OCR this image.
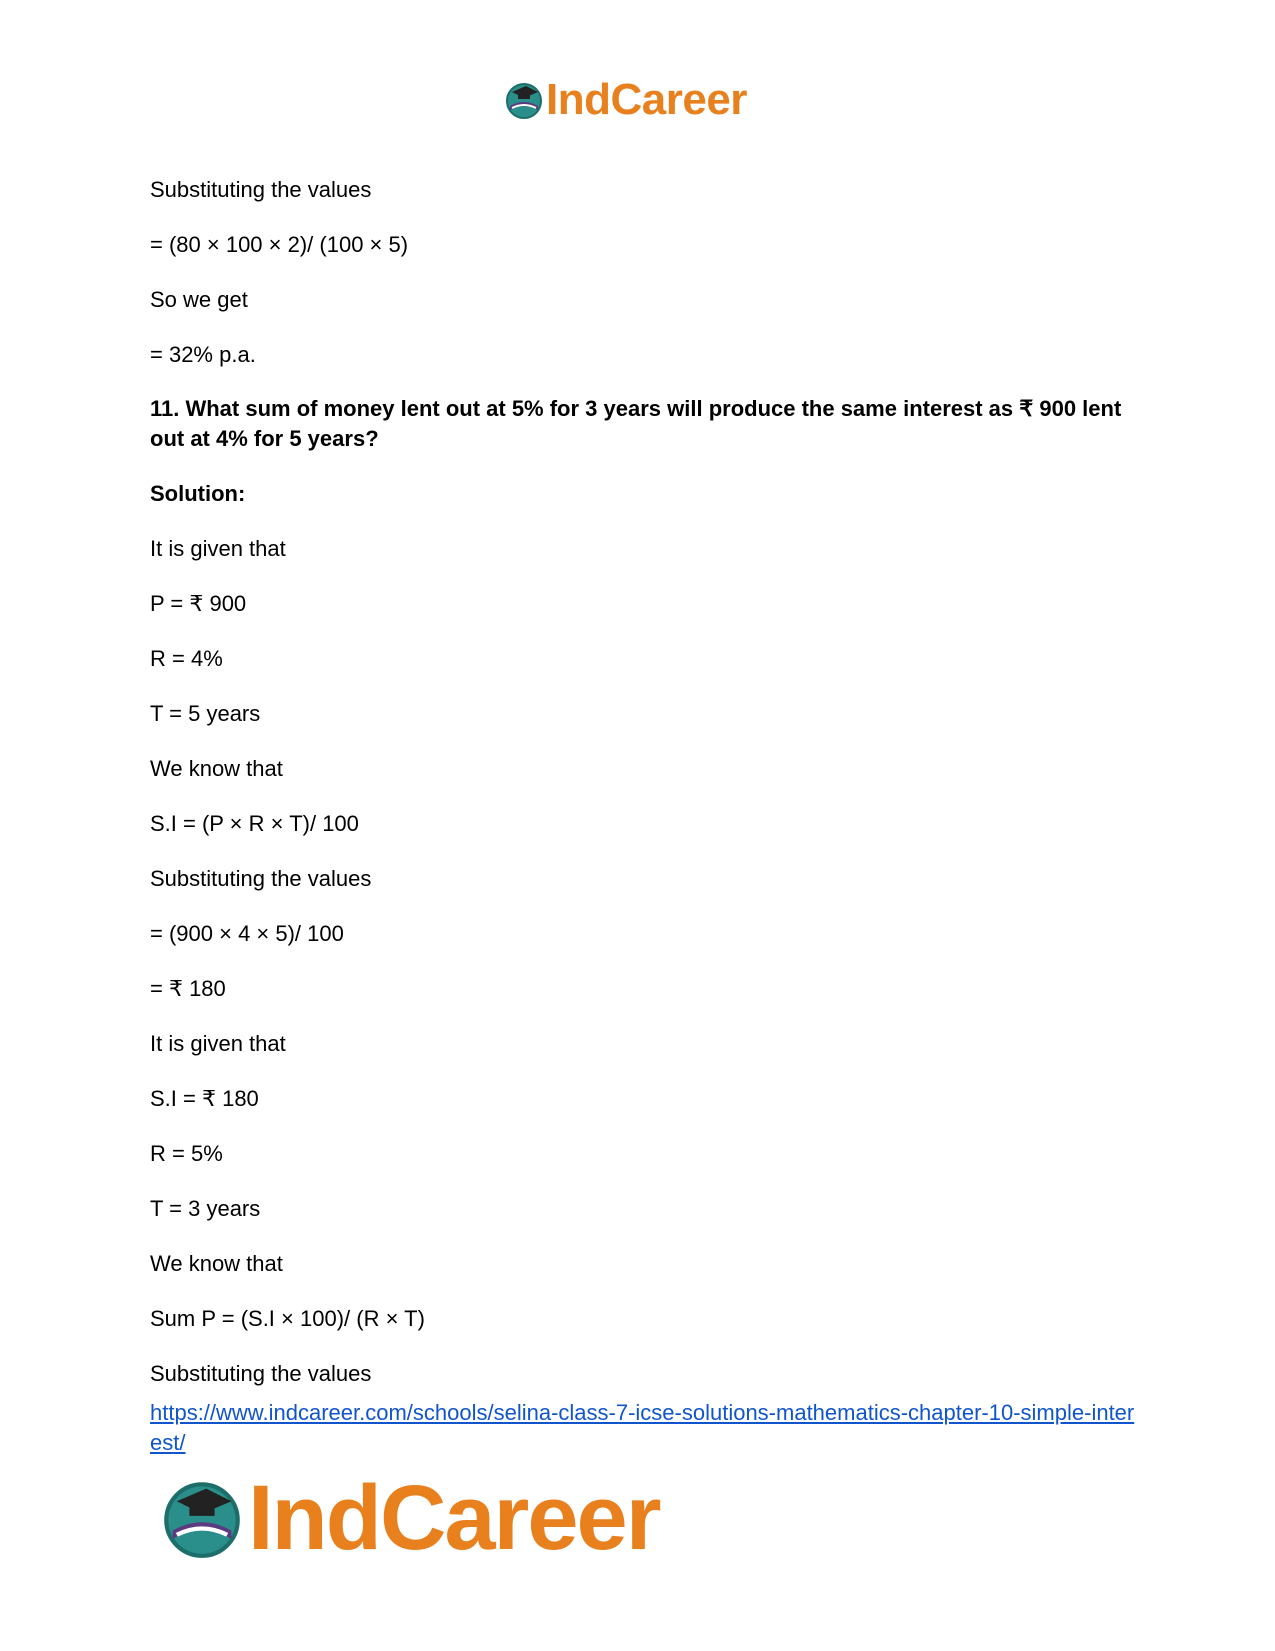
IndCareer

Substituting the values

= (80 × 100 × 2)/ (100 × 5)

So we get

= 32% p.a.

11. What sum of money lent out at 5% for 3 years will produce the same interest as ₹ 900 lent out at 4% for 5 years?

Solution:

It is given that

P = ₹ 900

R = 4%

T = 5 years

We know that

S.I = (P × R × T)/ 100

Substituting the values

= (900 × 4 × 5)/ 100

= ₹ 180

It is given that

S.I = ₹ 180

R = 5%

T = 3 years

We know that

Sum P = (S.I × 100)/ (R × T)

Substituting the values

https://www.indcareer.com/schools/selina-class-7-icse-solutions-mathematics-chapter-10-simple-interest/
IndCareer
